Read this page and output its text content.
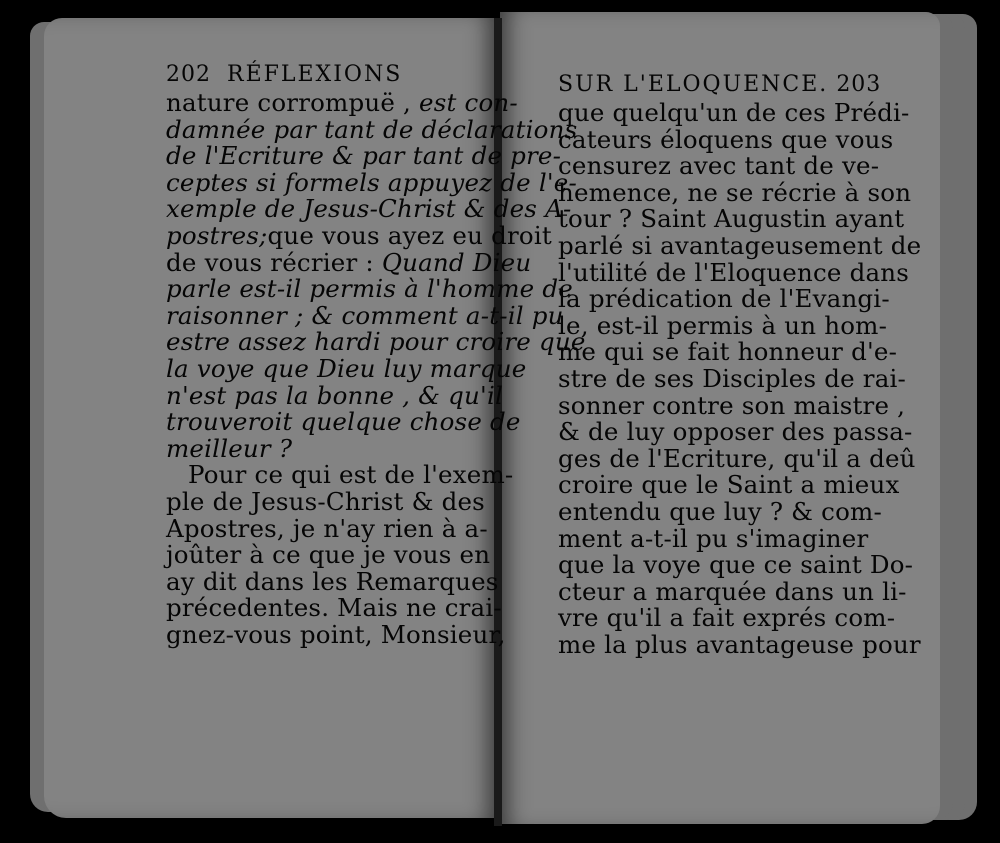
202 RÉFLEXIONS
nature corrompuë , est con-
damnée par tant de déclarations
de l'Ecriture & par tant de pre-
ceptes si formels appuyez de l'e-
xemple de Jesus-Christ & des A-
postres;que vous ayez eu droit
de vous récrier : Quand Dieu
parle est-il permis à l'homme de
raisonner ; & comment a-t-il pu
estre assez hardi pour croire que
la voye que Dieu luy marque
n'est pas la bonne , & qu'il
trouveroit quelque chose de
meilleur ?
Pour ce qui est de l'exem-
ple de Jesus-Christ & des
Apostres, je n'ay rien à a-
joûter à ce que je vous en
ay dit dans les Remarques
précedentes. Mais ne crai-
gnez-vous point, Monsieur,
SUR L'ELOQUENCE. 203
que quelqu'un de ces Prédi-
cateurs éloquens que vous
censurez avec tant de ve-
hemence, ne se récrie à son
tour ? Saint Augustin ayant
parlé si avantageusement de
l'utilité de l'Eloquence dans
la prédication de l'Evangi-
le, est-il permis à un hom-
me qui se fait honneur d'e-
stre de ses Disciples de rai-
sonner contre son maistre ,
& de luy opposer des passa-
ges de l'Ecriture, qu'il a deû
croire que le Saint a mieux
entendu que luy ? & com-
ment a-t-il pu s'imaginer
que la voye que ce saint Do-
cteur a marquée dans un li-
vre qu'il a fait exprés com-
me la plus avantageuse pour
